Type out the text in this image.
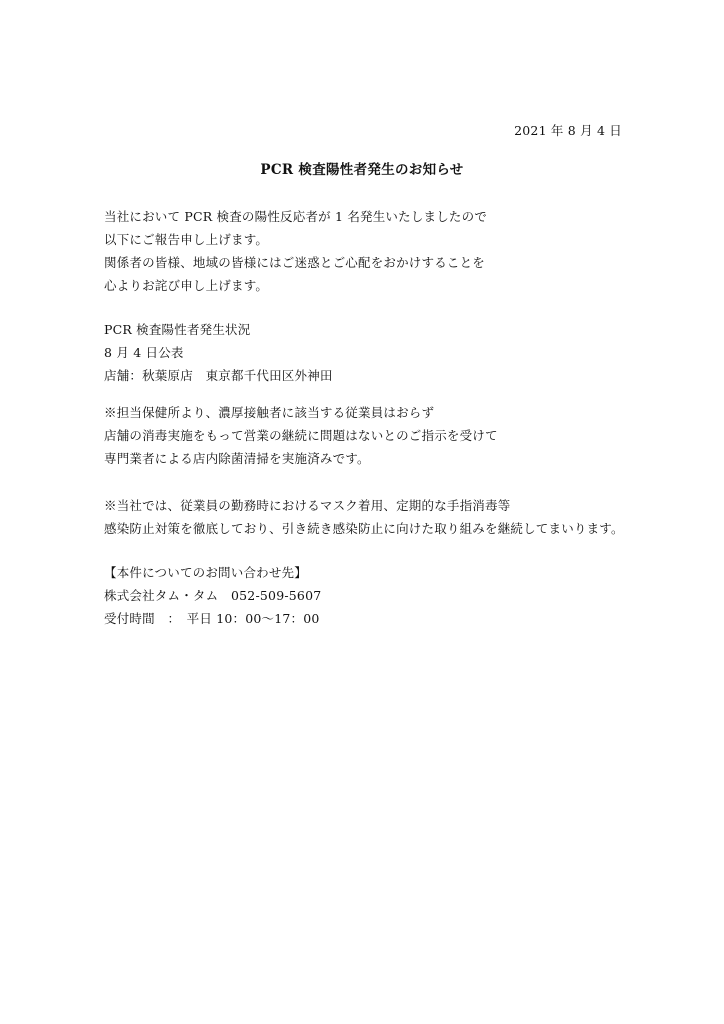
2021 年 8 月 4 日
PCR 検査陽性者発生のお知らせ
当社において PCR 検査の陽性反応者が 1 名発生いたしましたので
以下にご報告申し上げます。
関係者の皆様、地域の皆様にはご迷惑とご心配をおかけすることを
心よりお詫び申し上げます。
PCR 検査陽性者発生状況
8 月 4 日公表
店舗：秋葉原店　東京都千代田区外神田
※担当保健所より、濃厚接触者に該当する従業員はおらず
店舗の消毒実施をもって営業の継続に問題はないとのご指示を受けて
専門業者による店内除菌清掃を実施済みです。
※当社では、従業員の勤務時におけるマスク着用、定期的な手指消毒等
感染防止対策を徹底しており、引き続き感染防止に向けた取り組みを継続してまいります。
【本件についてのお問い合わせ先】
株式会社タム・タム　052-509-5607
受付時間　：　平日 10：00〜17：00
